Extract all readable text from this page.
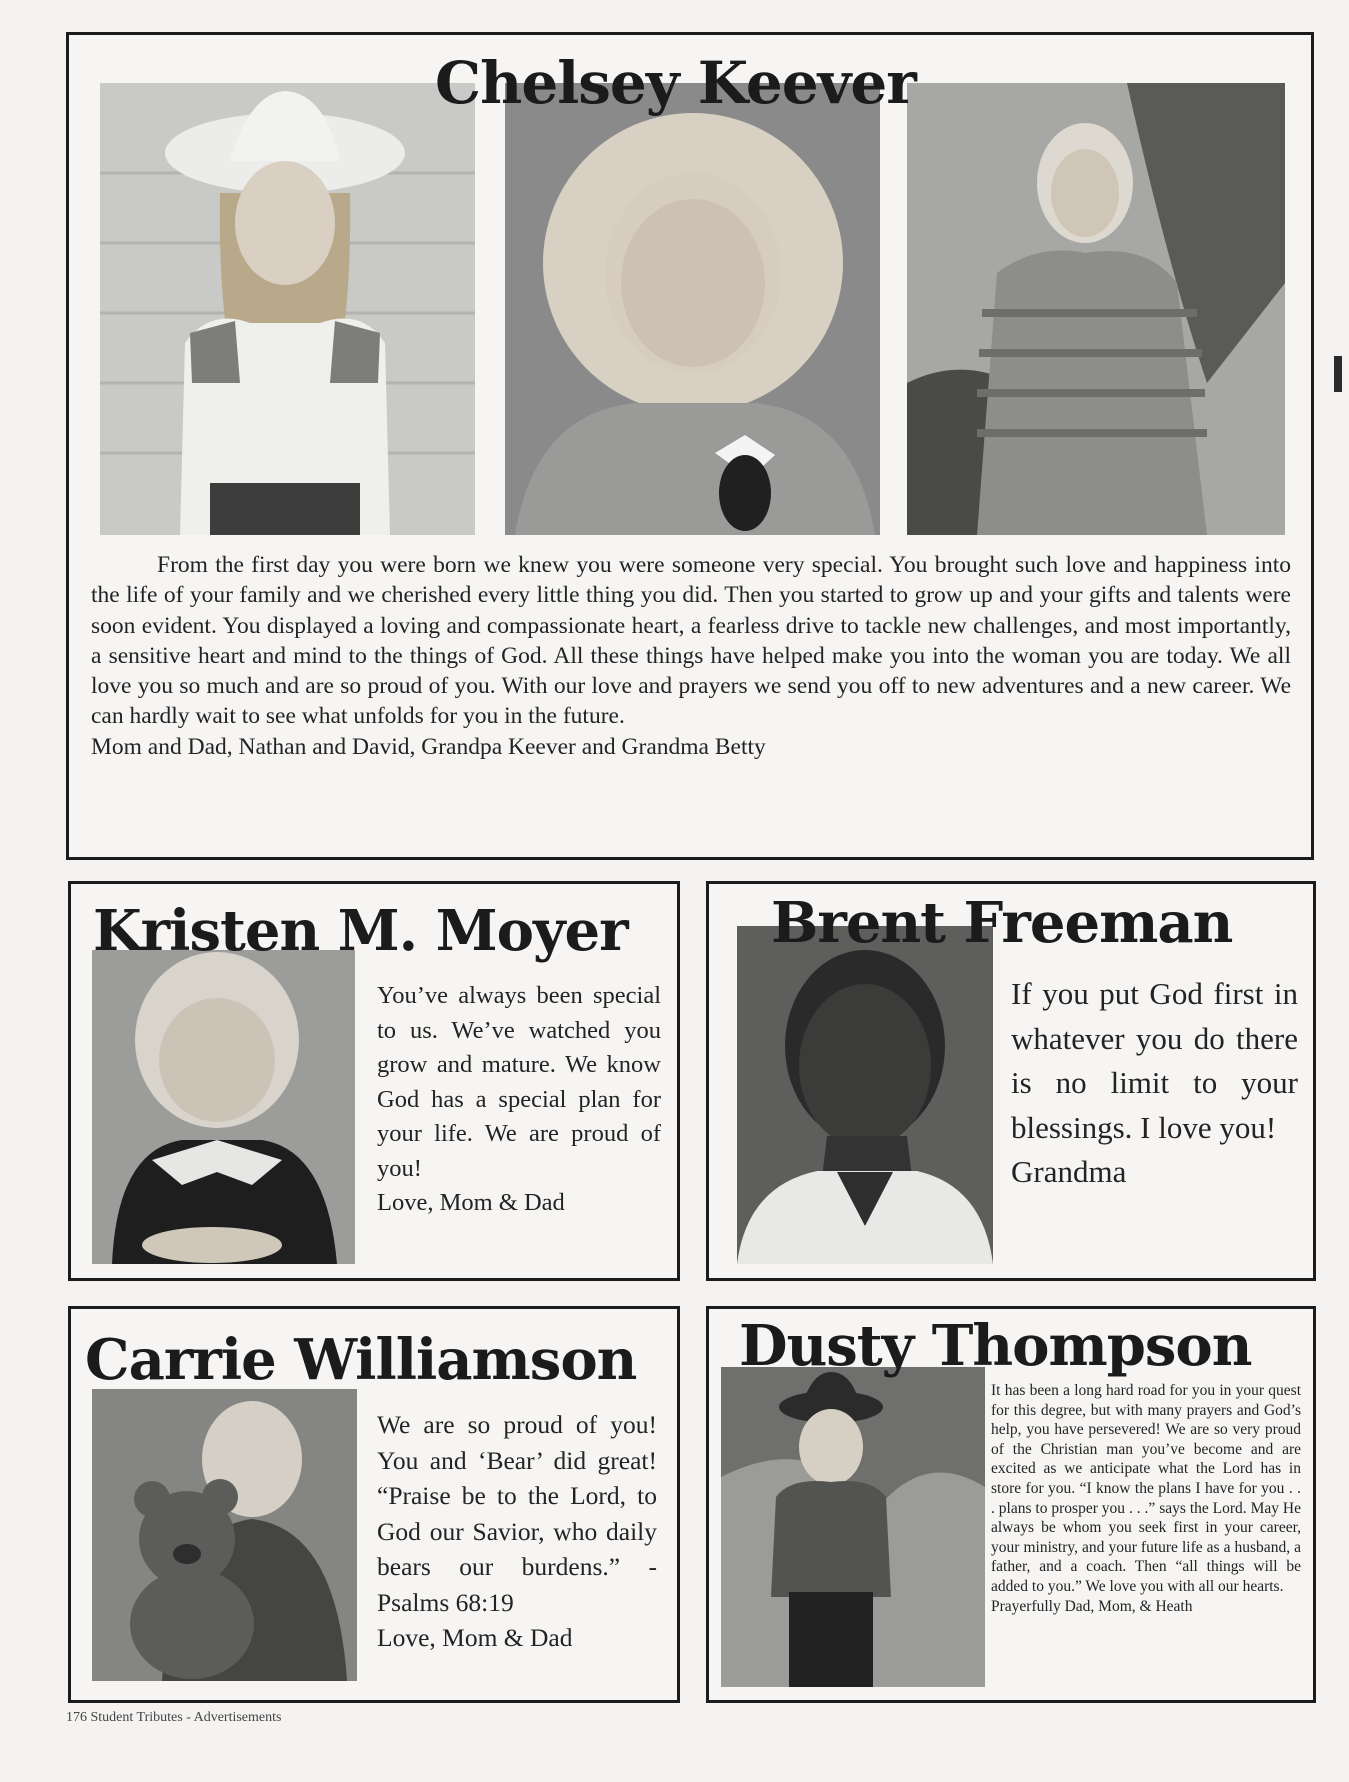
Chelsey Keever

From the first day you were born we knew you were someone very special. You brought such love and happiness into the life of your family and we cherished every little thing you did. Then you started to grow up and your gifts and talents were soon evident. You displayed a loving and compassionate heart, a fearless drive to tackle new challenges, and most importantly, a sensitive heart and mind to the things of God. All these things have helped make you into the woman you are today. We all love you so much and are so proud of you. With our love and prayers we send you off to new adventures and a new career. We can hardly wait to see what unfolds for you in the future.

Mom and Dad, Nathan and David, Grandpa Keever and Grandma Betty

Kristen M. Moyer

You’ve always been special to us. We’ve watched you grow and mature. We know God has a special plan for your life. We are proud of you!

Love, Mom & Dad

Brent Freeman

If you put God first in whatever you do there is no limit to your blessings. I love you!

Grandma

Carrie Williamson

We are so proud of you! You and ‘Bear’ did great! “Praise be to the Lord, to God our Savior, who daily bears our burdens.” -Psalms 68:19

Love, Mom & Dad

Dusty Thompson

It has been a long hard road for you in your quest for this degree, but with many prayers and God’s help, you have persevered! We are so very proud of the Christian man you’ve become and are excited as we anticipate what the Lord has in store for you. “I know the plans I have for you . . . plans to prosper you . . .” says the Lord. May He always be whom you seek first in your career, your ministry, and your future life as a husband, a father, and a coach. Then “all things will be added to you.” We love you with all our hearts.

Prayerfully Dad, Mom, & Heath

176 Student Tributes - Advertisements
